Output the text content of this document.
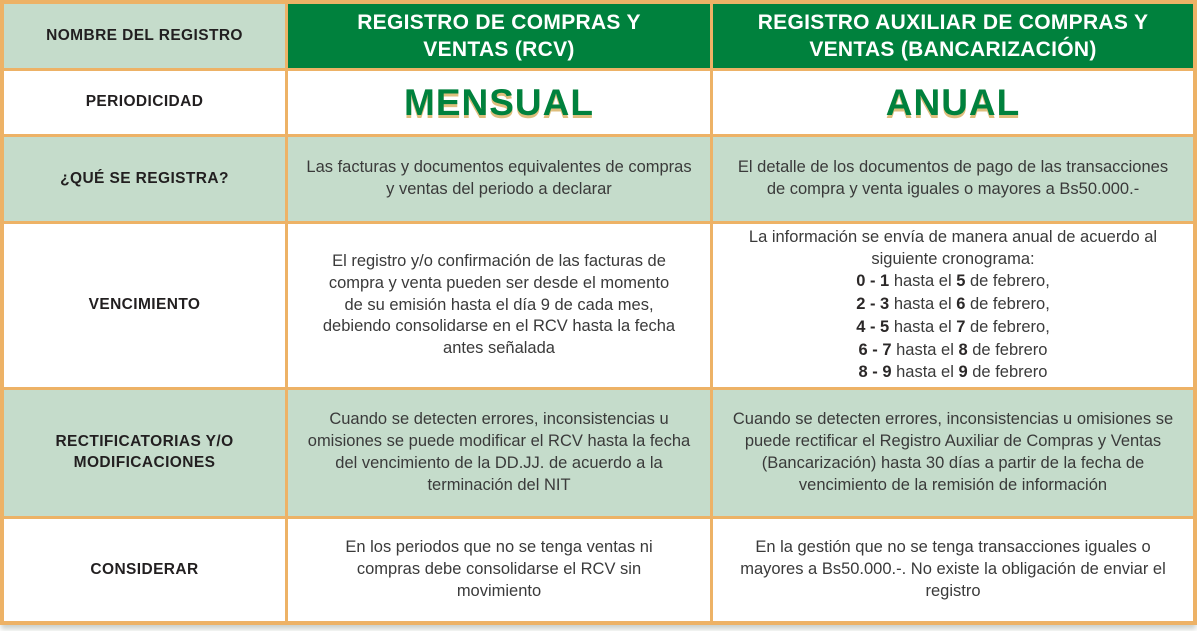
NOMBRE DEL REGISTRO
REGISTRO DE COMPRAS Y VENTAS (RCV)
REGISTRO AUXILIAR DE COMPRAS Y VENTAS (BANCARIZACIÓN)
PERIODICIDAD	MENSUAL	ANUAL
¿QUÉ SE REGISTRA?
Las facturas y documentos equivalentes de compras y ventas del periodo a declarar
El detalle de los documentos de pago de las transacciones de compra y venta iguales o mayores a Bs50.000.-
VENCIMIENTO
El registro y/o confirmación de las facturas de compra y venta pueden ser desde el momento de su emisión hasta el día 9 de cada mes, debiendo consolidarse en el RCV hasta la fecha antes señalada
La información se envía de manera anual de acuerdo al siguiente cronograma:
0 - 1 hasta el 5 de febrero,
2 - 3 hasta el 6 de febrero,
4 - 5 hasta el 7 de febrero,
6 - 7 hasta el 8 de febrero
8 - 9 hasta el 9 de febrero
RECTIFICATORIAS Y/O MODIFICACIONES
Cuando se detecten errores, inconsistencias u omisiones se puede modificar el RCV hasta la fecha del vencimiento de la DD.JJ. de acuerdo a la terminación del NIT
Cuando se detecten errores, inconsistencias u omisiones se puede rectificar el Registro Auxiliar de Compras y Ventas (Bancarización) hasta 30 días a partir de la fecha de vencimiento de la remisión de información
CONSIDERAR
En los periodos que no se tenga ventas ni compras debe consolidarse el RCV sin movimiento
En la gestión que no se tenga transacciones iguales o mayores a Bs50.000.-. No existe la obligación de enviar el registro
